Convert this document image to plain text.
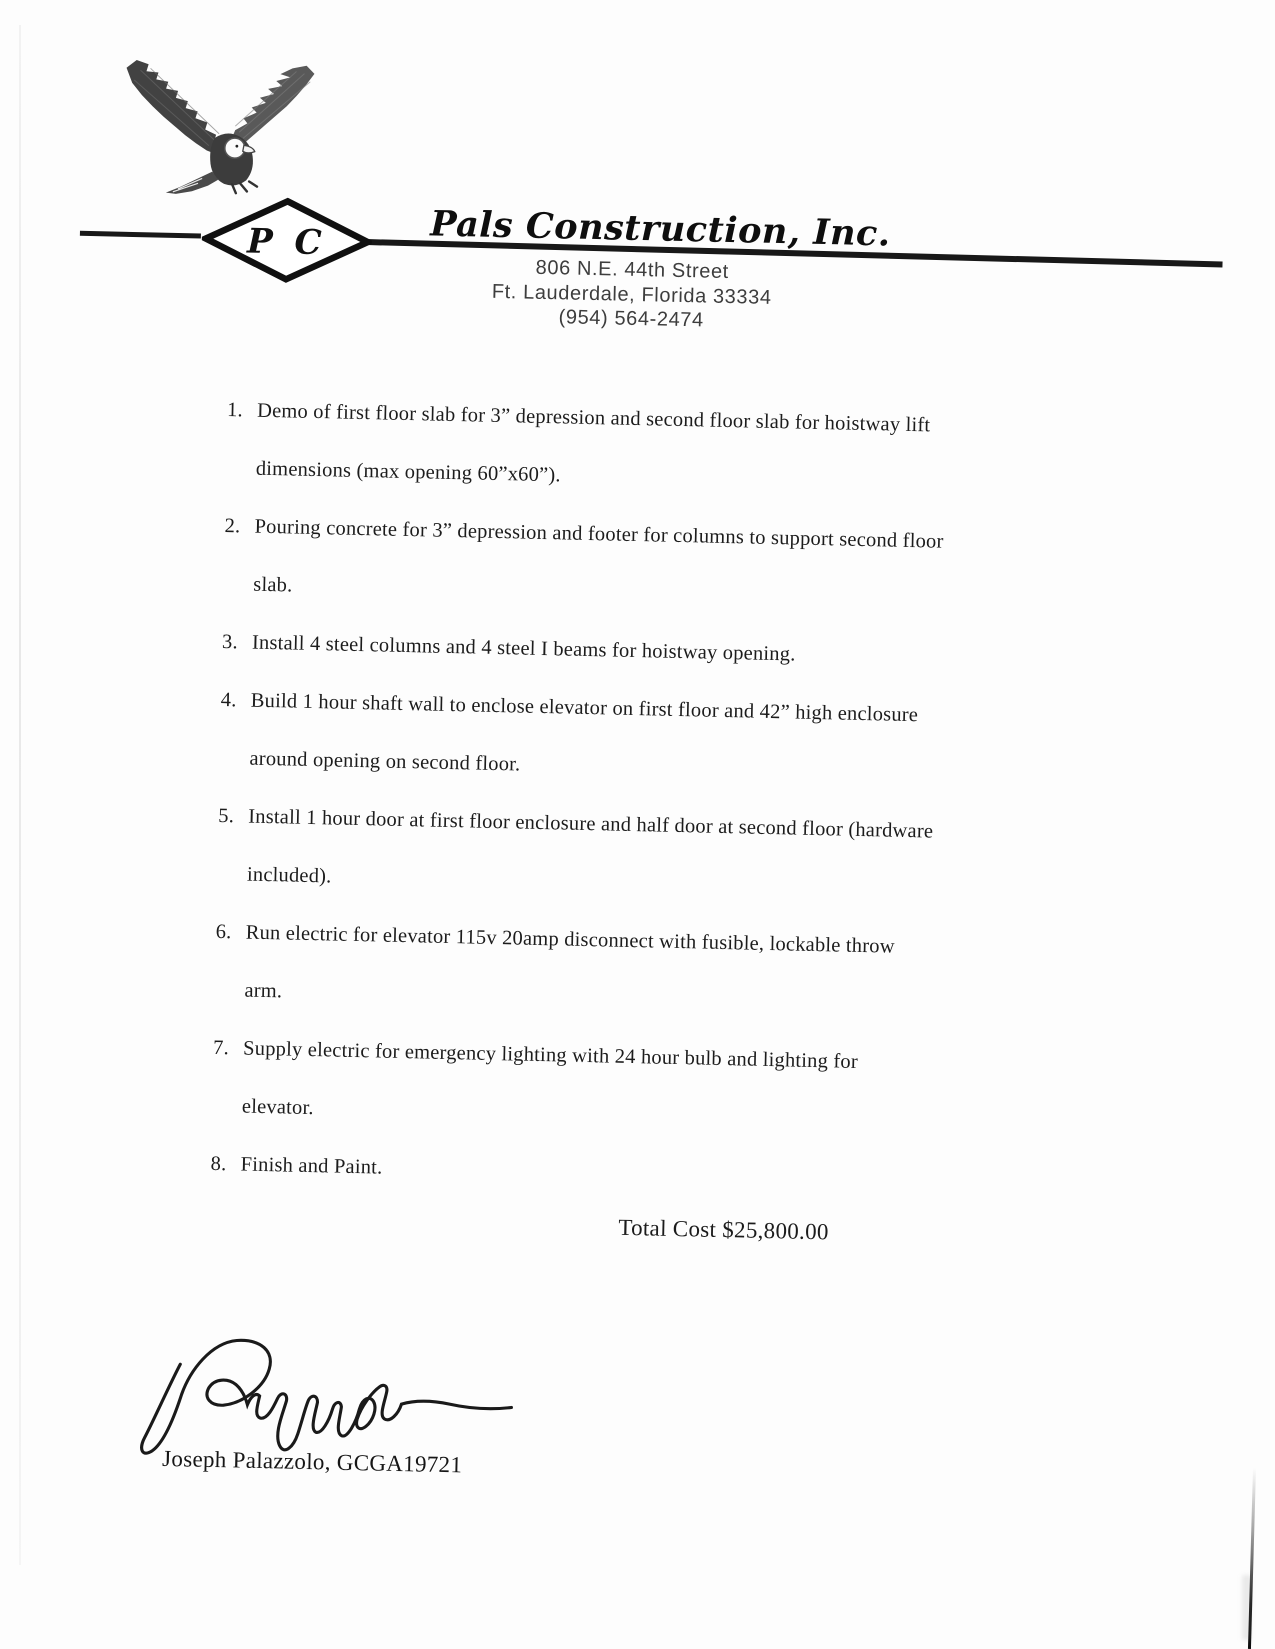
P C	Pals Construction, Inc.
806 N.E. 44th Street
Ft. Lauderdale, Florida 33334
(954) 564-2474
1. Demo of first floor slab for 3” depression and second floor slab for hoistway lift
dimensions (max opening 60”x60”).
2. Pouring concrete for 3” depression and footer for columns to support second floor
slab.
3. Install 4 steel columns and 4 steel I beams for hoistway opening.
4. Build 1 hour shaft wall to enclose elevator on first floor and 42” high enclosure
around opening on second floor.
5. Install 1 hour door at first floor enclosure and half door at second floor (hardware
included).
6. Run electric for elevator 115v 20amp disconnect with fusible, lockable throw
arm.
7. Supply electric for emergency lighting with 24 hour bulb and lighting for
elevator.
8. Finish and Paint.
Total Cost $25,800.00
Joseph Palazzolo, GCGA19721
